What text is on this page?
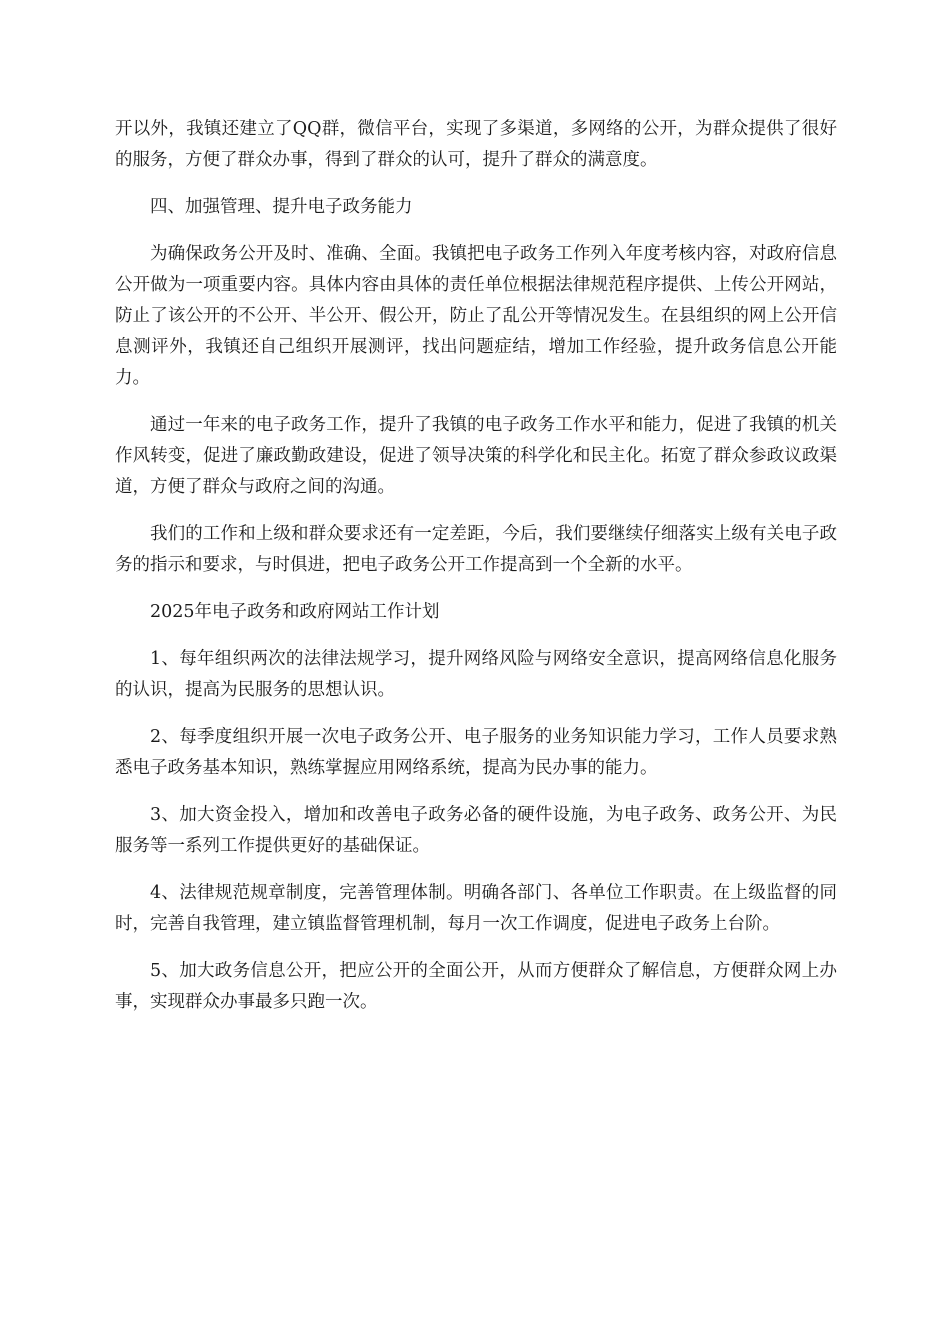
开以外，我镇还建立了QQ群，微信平台，实现了多渠道，多网络的公开，为群众提供了很好的服务，方便了群众办事，得到了群众的认可，提升了群众的满意度。

四、加强管理、提升电子政务能力

为确保政务公开及时、准确、全面。我镇把电子政务工作列入年度考核内容，对政府信息公开做为一项重要内容。具体内容由具体的责任单位根据法律规范程序提供、上传公开网站，防止了该公开的不公开、半公开、假公开，防止了乱公开等情况发生。在县组织的网上公开信息测评外，我镇还自己组织开展测评，找出问题症结，增加工作经验，提升政务信息公开能力。

通过一年来的电子政务工作，提升了我镇的电子政务工作水平和能力，促进了我镇的机关作风转变，促进了廉政勤政建设，促进了领导决策的科学化和民主化。拓宽了群众参政议政渠道，方便了群众与政府之间的沟通。

我们的工作和上级和群众要求还有一定差距，今后，我们要继续仔细落实上级有关电子政务的指示和要求，与时俱进，把电子政务公开工作提高到一个全新的水平。

2025年电子政务和政府网站工作计划

1、每年组织两次的法律法规学习，提升网络风险与网络安全意识，提高网络信息化服务的认识，提高为民服务的思想认识。

2、每季度组织开展一次电子政务公开、电子服务的业务知识能力学习，工作人员要求熟悉电子政务基本知识，熟练掌握应用网络系统，提高为民办事的能力。

3、加大资金投入，增加和改善电子政务必备的硬件设施，为电子政务、政务公开、为民服务等一系列工作提供更好的基础保证。

4、法律规范规章制度，完善管理体制。明确各部门、各单位工作职责。在上级监督的同时，完善自我管理，建立镇监督管理机制，每月一次工作调度，促进电子政务上台阶。

5、加大政务信息公开，把应公开的全面公开，从而方便群众了解信息，方便群众网上办事，实现群众办事最多只跑一次。
